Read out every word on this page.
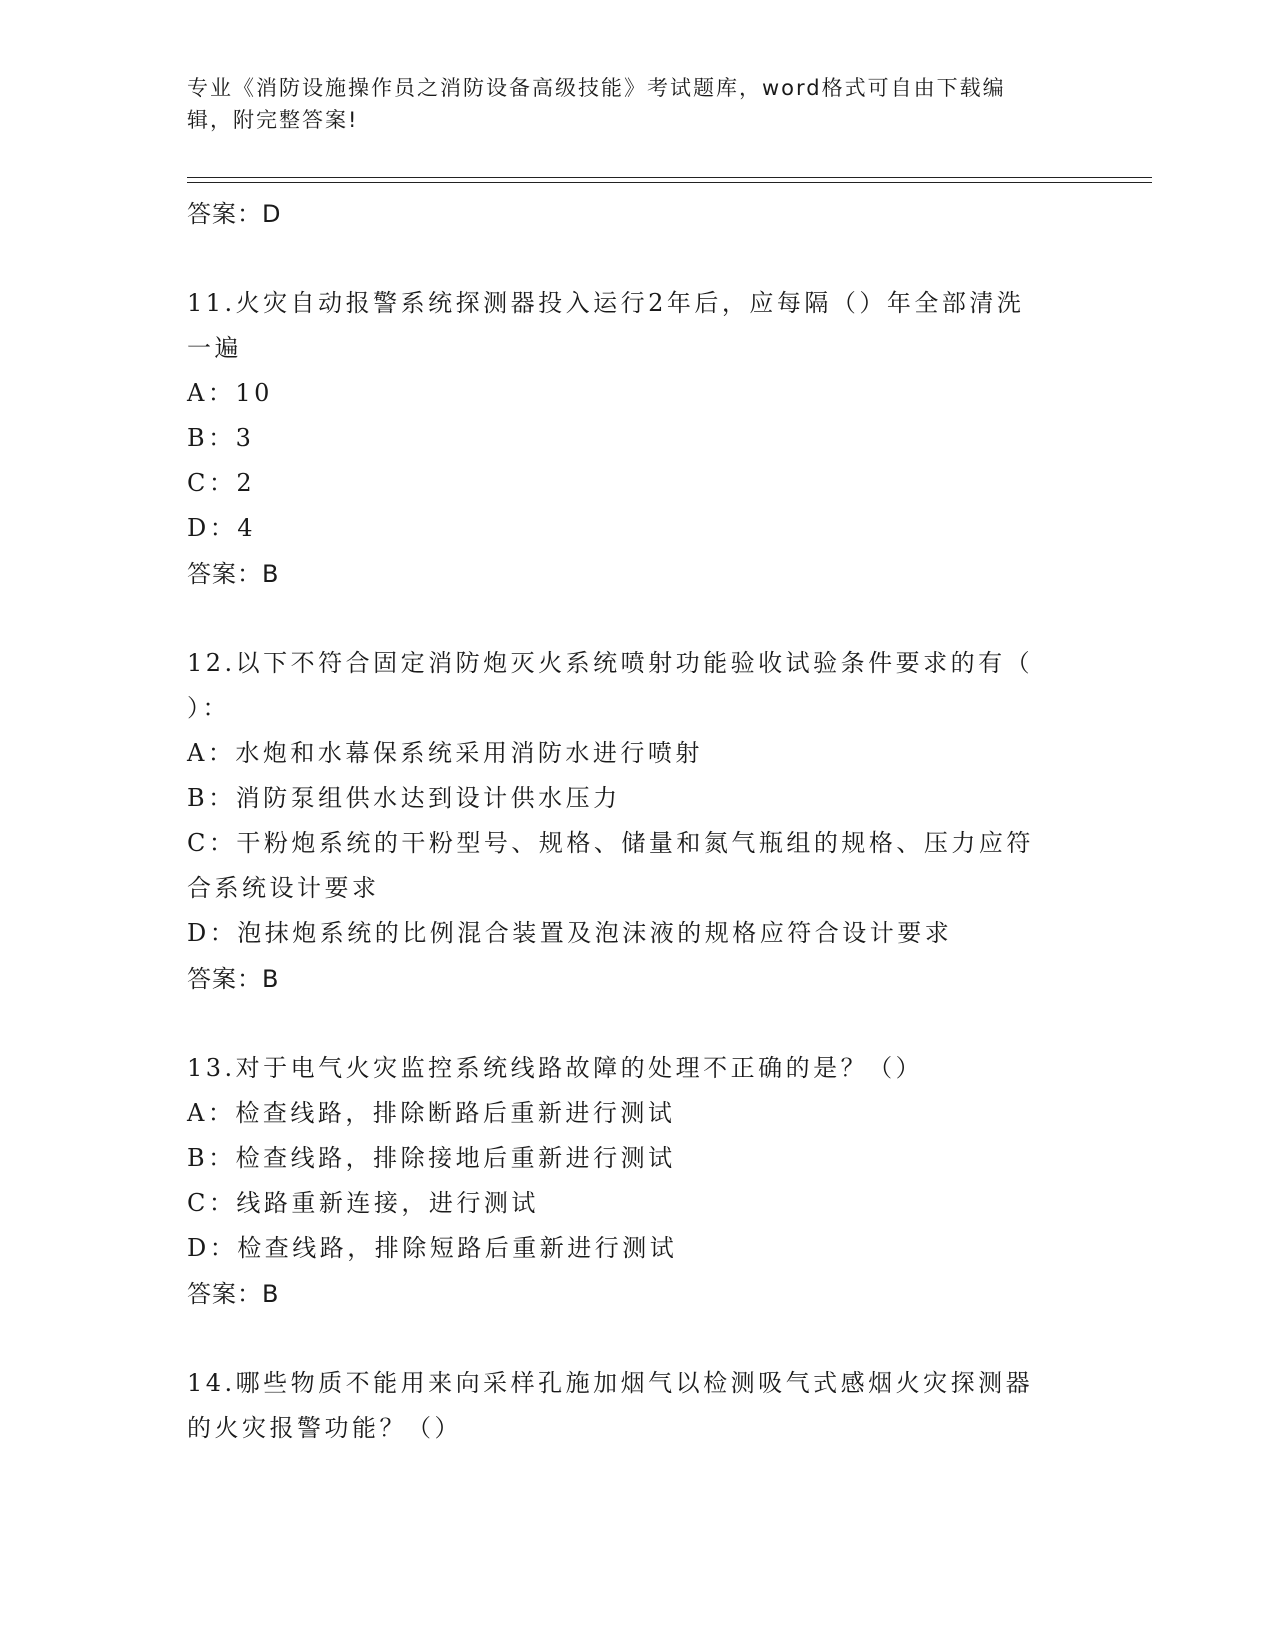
专业《消防设施操作员之消防设备高级技能》考试题库，word格式可自由下载编
辑，附完整答案!
答案：D
11.火灾自动报警系统探测器投入运行2年后，应每隔（）年全部清洗
一遍
A：10
B：3
C：2
D：4
答案：B
12.以下不符合固定消防炮灭火系统喷射功能验收试验条件要求的有（
）：
A：水炮和水幕保系统采用消防水进行喷射
B：消防泵组供水达到设计供水压力
C：干粉炮系统的干粉型号、规格、储量和氮气瓶组的规格、压力应符
合系统设计要求
D：泡抹炮系统的比例混合装置及泡沫液的规格应符合设计要求
答案：B
13.对于电气火灾监控系统线路故障的处理不正确的是？（）
A：检查线路，排除断路后重新进行测试
B：检查线路，排除接地后重新进行测试
C：线路重新连接，进行测试
D：检查线路，排除短路后重新进行测试
答案：B
14.哪些物质不能用来向采样孔施加烟气以检测吸气式感烟火灾探测器
的火灾报警功能？（）
